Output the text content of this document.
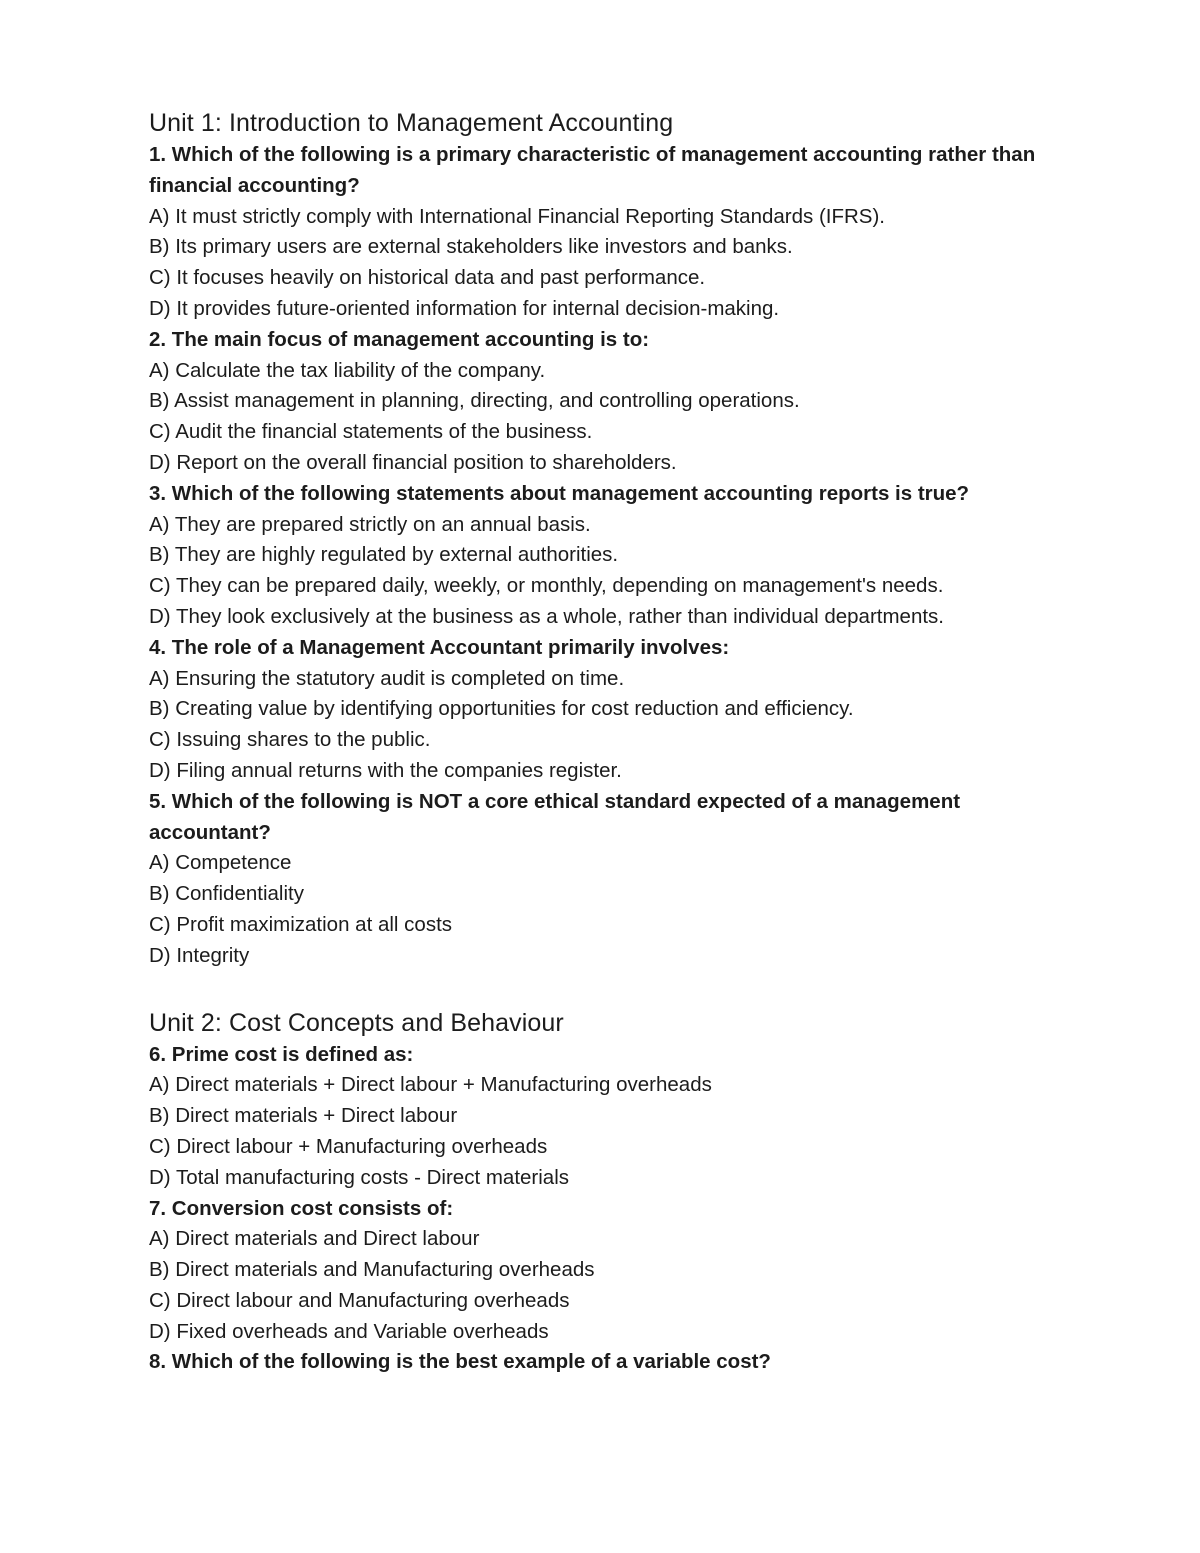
Unit 1: Introduction to Management Accounting

1. Which of the following is a primary characteristic of management accounting rather than financial accounting?

A) It must strictly comply with International Financial Reporting Standards (IFRS).

B) Its primary users are external stakeholders like investors and banks.

C) It focuses heavily on historical data and past performance.

D) It provides future-oriented information for internal decision-making.

2. The main focus of management accounting is to:

A) Calculate the tax liability of the company.

B) Assist management in planning, directing, and controlling operations.

C) Audit the financial statements of the business.

D) Report on the overall financial position to shareholders.

3. Which of the following statements about management accounting reports is true?

A) They are prepared strictly on an annual basis.

B) They are highly regulated by external authorities.

C) They can be prepared daily, weekly, or monthly, depending on management's needs.

D) They look exclusively at the business as a whole, rather than individual departments.

4. The role of a Management Accountant primarily involves:

A) Ensuring the statutory audit is completed on time.

B) Creating value by identifying opportunities for cost reduction and efficiency.

C) Issuing shares to the public.

D) Filing annual returns with the companies register.

5. Which of the following is NOT a core ethical standard expected of a management accountant?

A) Competence

B) Confidentiality

C) Profit maximization at all costs

D) Integrity

Unit 2: Cost Concepts and Behaviour

6. Prime cost is defined as:

A) Direct materials + Direct labour + Manufacturing overheads

B) Direct materials + Direct labour

C) Direct labour + Manufacturing overheads

D) Total manufacturing costs - Direct materials

7. Conversion cost consists of:

A) Direct materials and Direct labour

B) Direct materials and Manufacturing overheads

C) Direct labour and Manufacturing overheads

D) Fixed overheads and Variable overheads

8. Which of the following is the best example of a variable cost?
